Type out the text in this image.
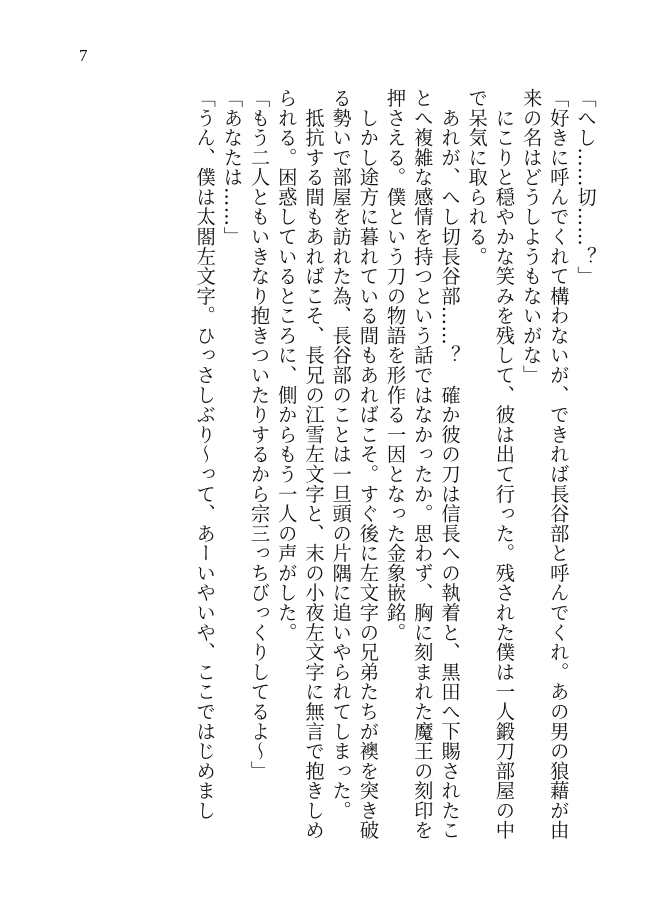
7
「へし……切……？」
「好きに呼んでくれて構わないが、できれば長谷部と呼んでくれ。あの男の狼藉が由
来の名はどうしようもないがな」
　にこりと穏やかな笑みを残して、彼は出て行った。残された僕は一人鍛刀部屋の中
で呆気に取られる。
　あれが、へし切長谷部……？　確か彼の刀は信長への執着と、黒田へ下賜されたこ
とへ複雑な感情を持つという話ではなかったか。思わず、胸に刻まれた魔王の刻印を
押さえる。僕という刀の物語を形作る一因となった金象嵌銘。
　しかし途方に暮れている間もあればこそ。すぐ後に左文字の兄弟たちが襖を突き破
る勢いで部屋を訪れた為、長谷部のことは一旦頭の片隅に追いやられてしまった。
　抵抗する間もあればこそ、長兄の江雪左文字と、末の小夜左文字に無言で抱きしめ
られる。困惑しているところに、側からもう一人の声がした。
「もう二人ともいきなり抱きついたりするから宗三っちびっくりしてるよ～」
「あなたは……」
「うん、僕は太閤左文字。ひっさしぶり～って、あーいやいや、ここではじめまし
